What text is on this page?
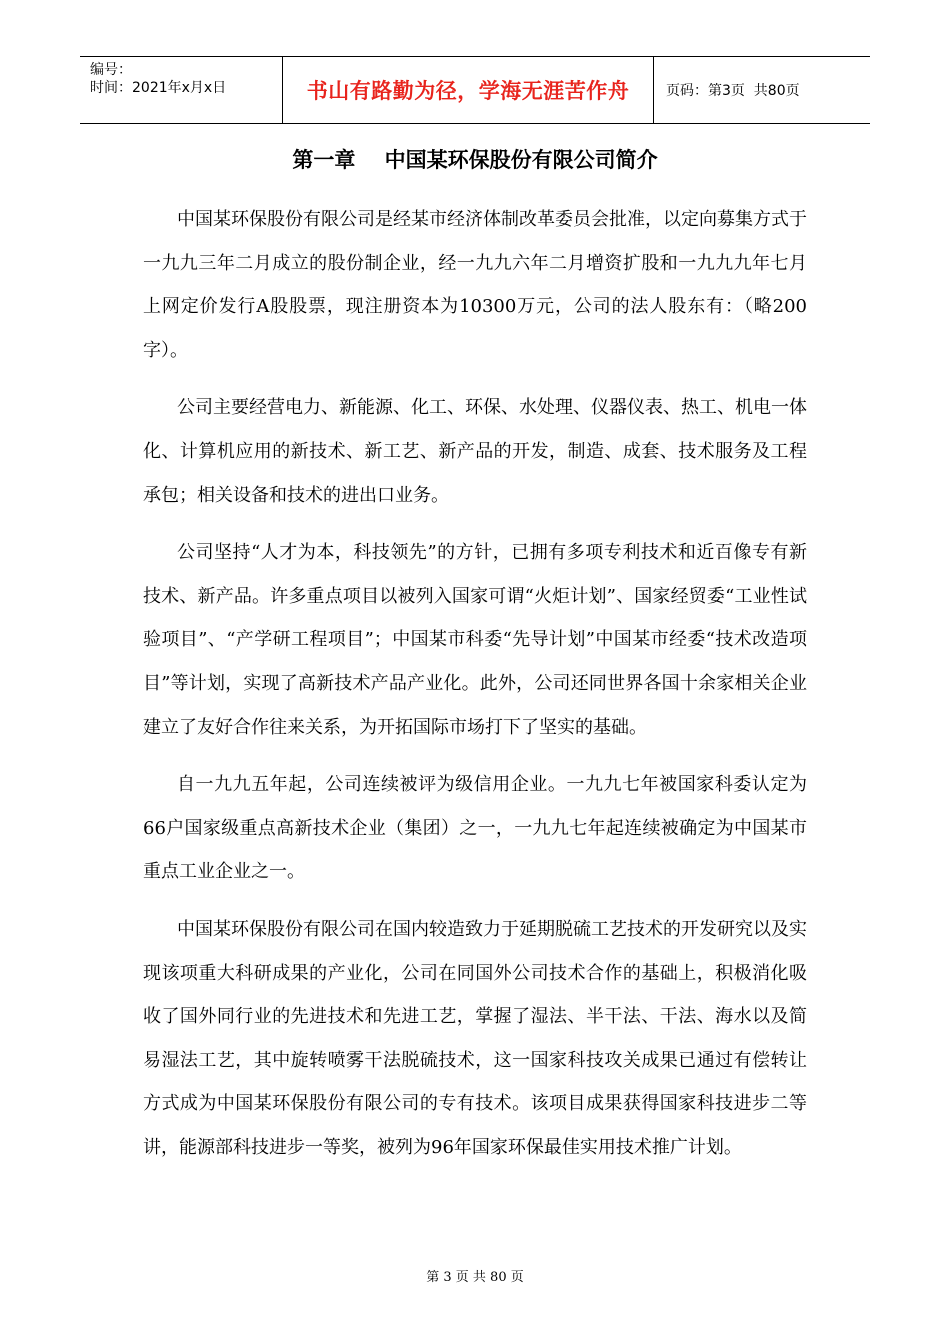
编号：
时间：2021年x月x日	书山有路勤为径，学海无涯苦作舟	页码：第3页  共80页
第一章    中国某环保股份有限公司简介

中国某环保股份有限公司是经某市经济体制改革委员会批准，以定向募集方式于一九九三年二月成立的股份制企业，经一九九六年二月增资扩股和一九九九年七月上网定价发行A股股票，现注册资本为10300万元，公司的法人股东有：（略200字）。

公司主要经营电力、新能源、化工、环保、水处理、仪器仪表、热工、机电一体化、计算机应用的新技术、新工艺、新产品的开发，制造、成套、技术服务及工程承包；相关设备和技术的进出口业务。

公司坚持“人才为本，科技领先”的方针，已拥有多项专利技术和近百像专有新技术、新产品。许多重点项目以被列入国家可谓“火炬计划”、国家经贸委“工业性试验项目”、“产学研工程项目”；中国某市科委“先导计划”中国某市经委“技术改造项目”等计划，实现了高新技术产品产业化。此外，公司还同世界各国十余家相关企业建立了友好合作往来关系，为开拓国际市场打下了坚实的基础。

自一九九五年起，公司连续被评为级信用企业。一九九七年被国家科委认定为66户国家级重点高新技术企业（集团）之一，一九九七年起连续被确定为中国某市重点工业企业之一。

中国某环保股份有限公司在国内较造致力于延期脱硫工艺技术的开发研究以及实现该项重大科研成果的产业化，公司在同国外公司技术合作的基础上，积极消化吸收了国外同行业的先进技术和先进工艺，掌握了湿法、半干法、干法、海水以及简易湿法工艺，其中旋转喷雾干法脱硫技术，这一国家科技攻关成果已通过有偿转让方式成为中国某环保股份有限公司的专有技术。该项目成果获得国家科技进步二等讲，能源部科技进步一等奖，被列为96年国家环保最佳实用技术推广计划。

第 3 页 共 80 页
